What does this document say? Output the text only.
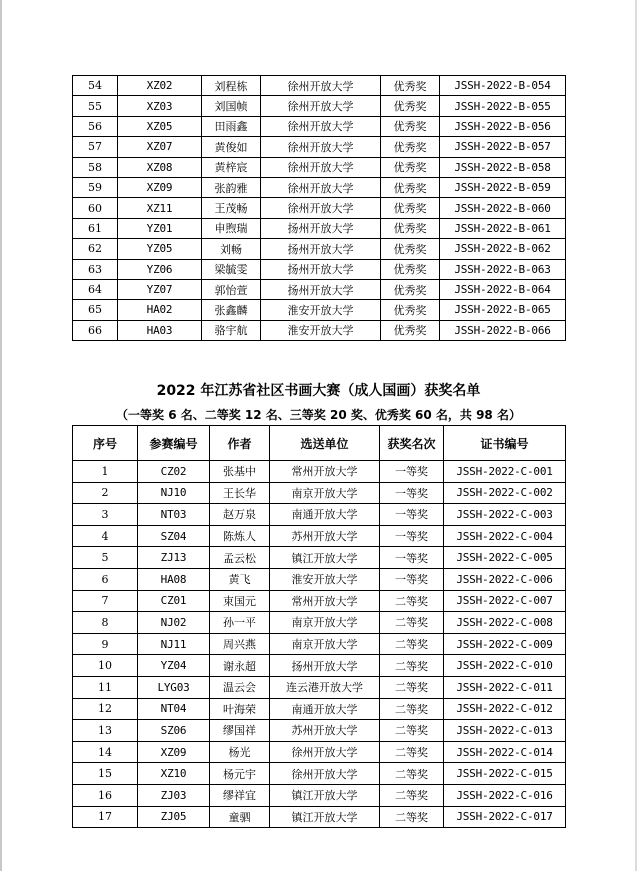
54	XZ02	刘程栋	徐州开放大学	优秀奖	JSSH-2022-B-054
55	XZ03	刘国帧	徐州开放大学	优秀奖	JSSH-2022-B-055
56	XZ05	田雨鑫	徐州开放大学	优秀奖	JSSH-2022-B-056
57	XZ07	黄俊如	徐州开放大学	优秀奖	JSSH-2022-B-057
58	XZ08	黄梓宸	徐州开放大学	优秀奖	JSSH-2022-B-058
59	XZ09	张韵雅	徐州开放大学	优秀奖	JSSH-2022-B-059
60	XZ11	王茂畅	徐州开放大学	优秀奖	JSSH-2022-B-060
61	YZ01	申煦瑞	扬州开放大学	优秀奖	JSSH-2022-B-061
62	YZ05	刘畅	扬州开放大学	优秀奖	JSSH-2022-B-062
63	YZ06	梁毓雯	扬州开放大学	优秀奖	JSSH-2022-B-063
64	YZ07	郭怡萱	扬州开放大学	优秀奖	JSSH-2022-B-064
65	HA02	张鑫麟	淮安开放大学	优秀奖	JSSH-2022-B-065
66	HA03	骆宇航	淮安开放大学	优秀奖	JSSH-2022-B-066
2022 年江苏省社区书画大赛（成人国画）获奖名单
（一等奖 6 名、二等奖 12 名、三等奖 20 奖、优秀奖 60 名，共 98 名）
序号	参赛编号	作者	选送单位	获奖名次	证书编号
1	CZ02	张基中	常州开放大学	一等奖	JSSH-2022-C-001
2	NJ10	王长华	南京开放大学	一等奖	JSSH-2022-C-002
3	NT03	赵万泉	南通开放大学	一等奖	JSSH-2022-C-003
4	SZ04	陈炼人	苏州开放大学	一等奖	JSSH-2022-C-004
5	ZJ13	孟云松	镇江开放大学	一等奖	JSSH-2022-C-005
6	HA08	黄飞	淮安开放大学	一等奖	JSSH-2022-C-006
7	CZ01	束国元	常州开放大学	二等奖	JSSH-2022-C-007
8	NJ02	孙一平	南京开放大学	二等奖	JSSH-2022-C-008
9	NJ11	周兴燕	南京开放大学	二等奖	JSSH-2022-C-009
10	YZ04	谢永超	扬州开放大学	二等奖	JSSH-2022-C-010
11	LYG03	温云会	连云港开放大学	二等奖	JSSH-2022-C-011
12	NT04	叶海荣	南通开放大学	二等奖	JSSH-2022-C-012
13	SZ06	缪国祥	苏州开放大学	二等奖	JSSH-2022-C-013
14	XZ09	杨光	徐州开放大学	二等奖	JSSH-2022-C-014
15	XZ10	杨元宇	徐州开放大学	二等奖	JSSH-2022-C-015
16	ZJ03	缪祥宜	镇江开放大学	二等奖	JSSH-2022-C-016
17	ZJ05	童驷	镇江开放大学	二等奖	JSSH-2022-C-017
